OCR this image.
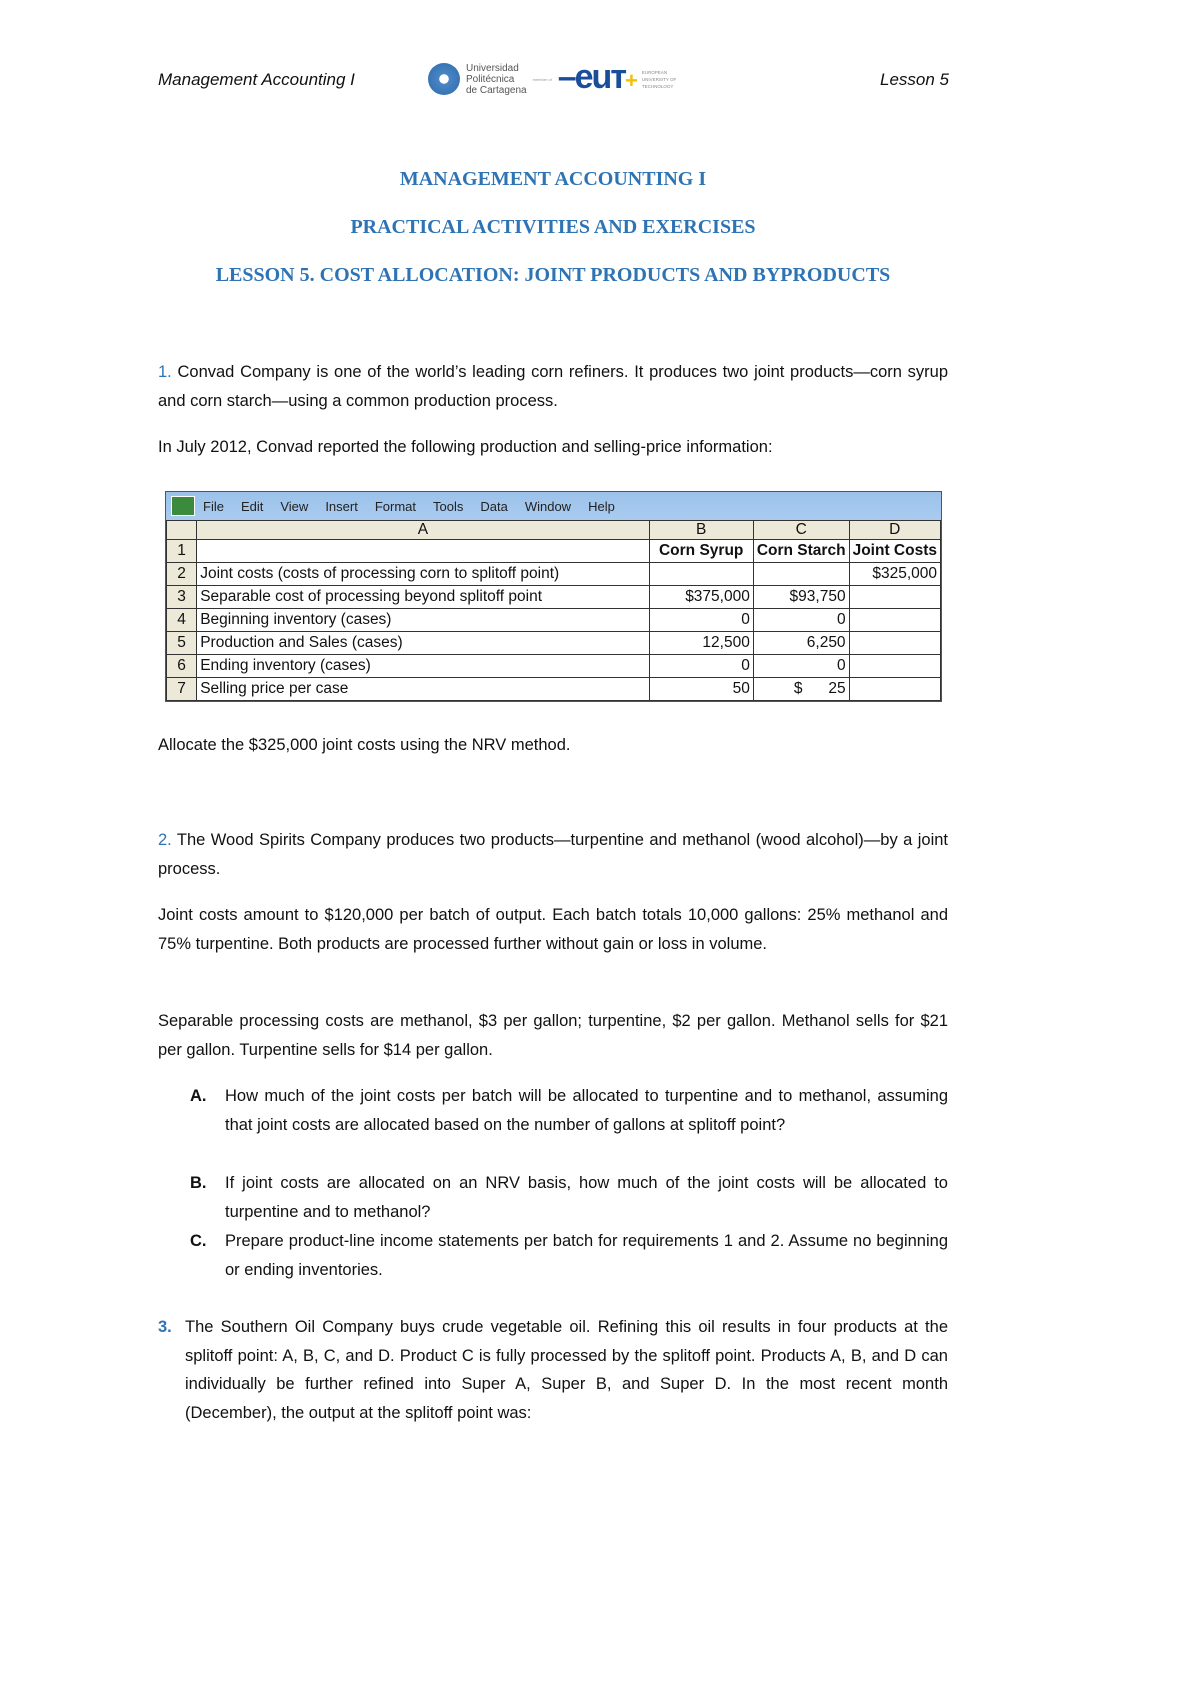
Management Accounting I
Universidad
Politécnica
de Cartagena
member of –euт+ EUROPEAN
UNIVERSITY OF
TECHNOLOGY	Lesson 5
MANAGEMENT ACCOUNTING I
PRACTICAL ACTIVITIES AND EXERCISES
LESSON 5. COST ALLOCATION: JOINT PRODUCTS AND BYPRODUCTS
1. Convad Company is one of the world’s leading corn refiners. It produces two joint products—corn syrup and corn starch—using a common production process.
In July 2012, Convad reported the following production and selling-price information:
File Edit View Insert Format Tools Data Window Help
	A	B	C	D
1		Corn Syrup	Corn Starch	Joint Costs
2	Joint costs (costs of processing corn to splitoff point)			$325,000
3	Separable cost of processing beyond splitoff point	$375,000	$93,750	
4	Beginning inventory (cases)	0	0	
5	Production and Sales (cases)	12,500	6,250	
6	Ending inventory (cases)	0	0	
7	Selling price per case	50	$      25	
Allocate the $325,000 joint costs using the NRV method.
2. The Wood Spirits Company produces two products—turpentine and methanol (wood alcohol)—by a joint process.
Joint costs amount to $120,000 per batch of output. Each batch totals 10,000 gallons: 25% methanol and 75% turpentine. Both products are processed further without gain or loss in volume.
Separable processing costs are methanol, $3 per gallon; turpentine, $2 per gallon. Methanol sells for $21 per gallon. Turpentine sells for $14 per gallon.
A. How much of the joint costs per batch will be allocated to turpentine and to methanol, assuming that joint costs are allocated based on the number of gallons at splitoff point?
B. If joint costs are allocated on an NRV basis, how much of the joint costs will be allocated to turpentine and to methanol?
C. Prepare product-line income statements per batch for requirements 1 and 2. Assume no beginning or ending inventories.
3. The Southern Oil Company buys crude vegetable oil. Refining this oil results in four products at the splitoff point: A, B, C, and D. Product C is fully processed by the splitoff point. Products A, B, and D can individually be further refined into Super A, Super B, and Super D. In the most recent month (December), the output at the splitoff point was:
